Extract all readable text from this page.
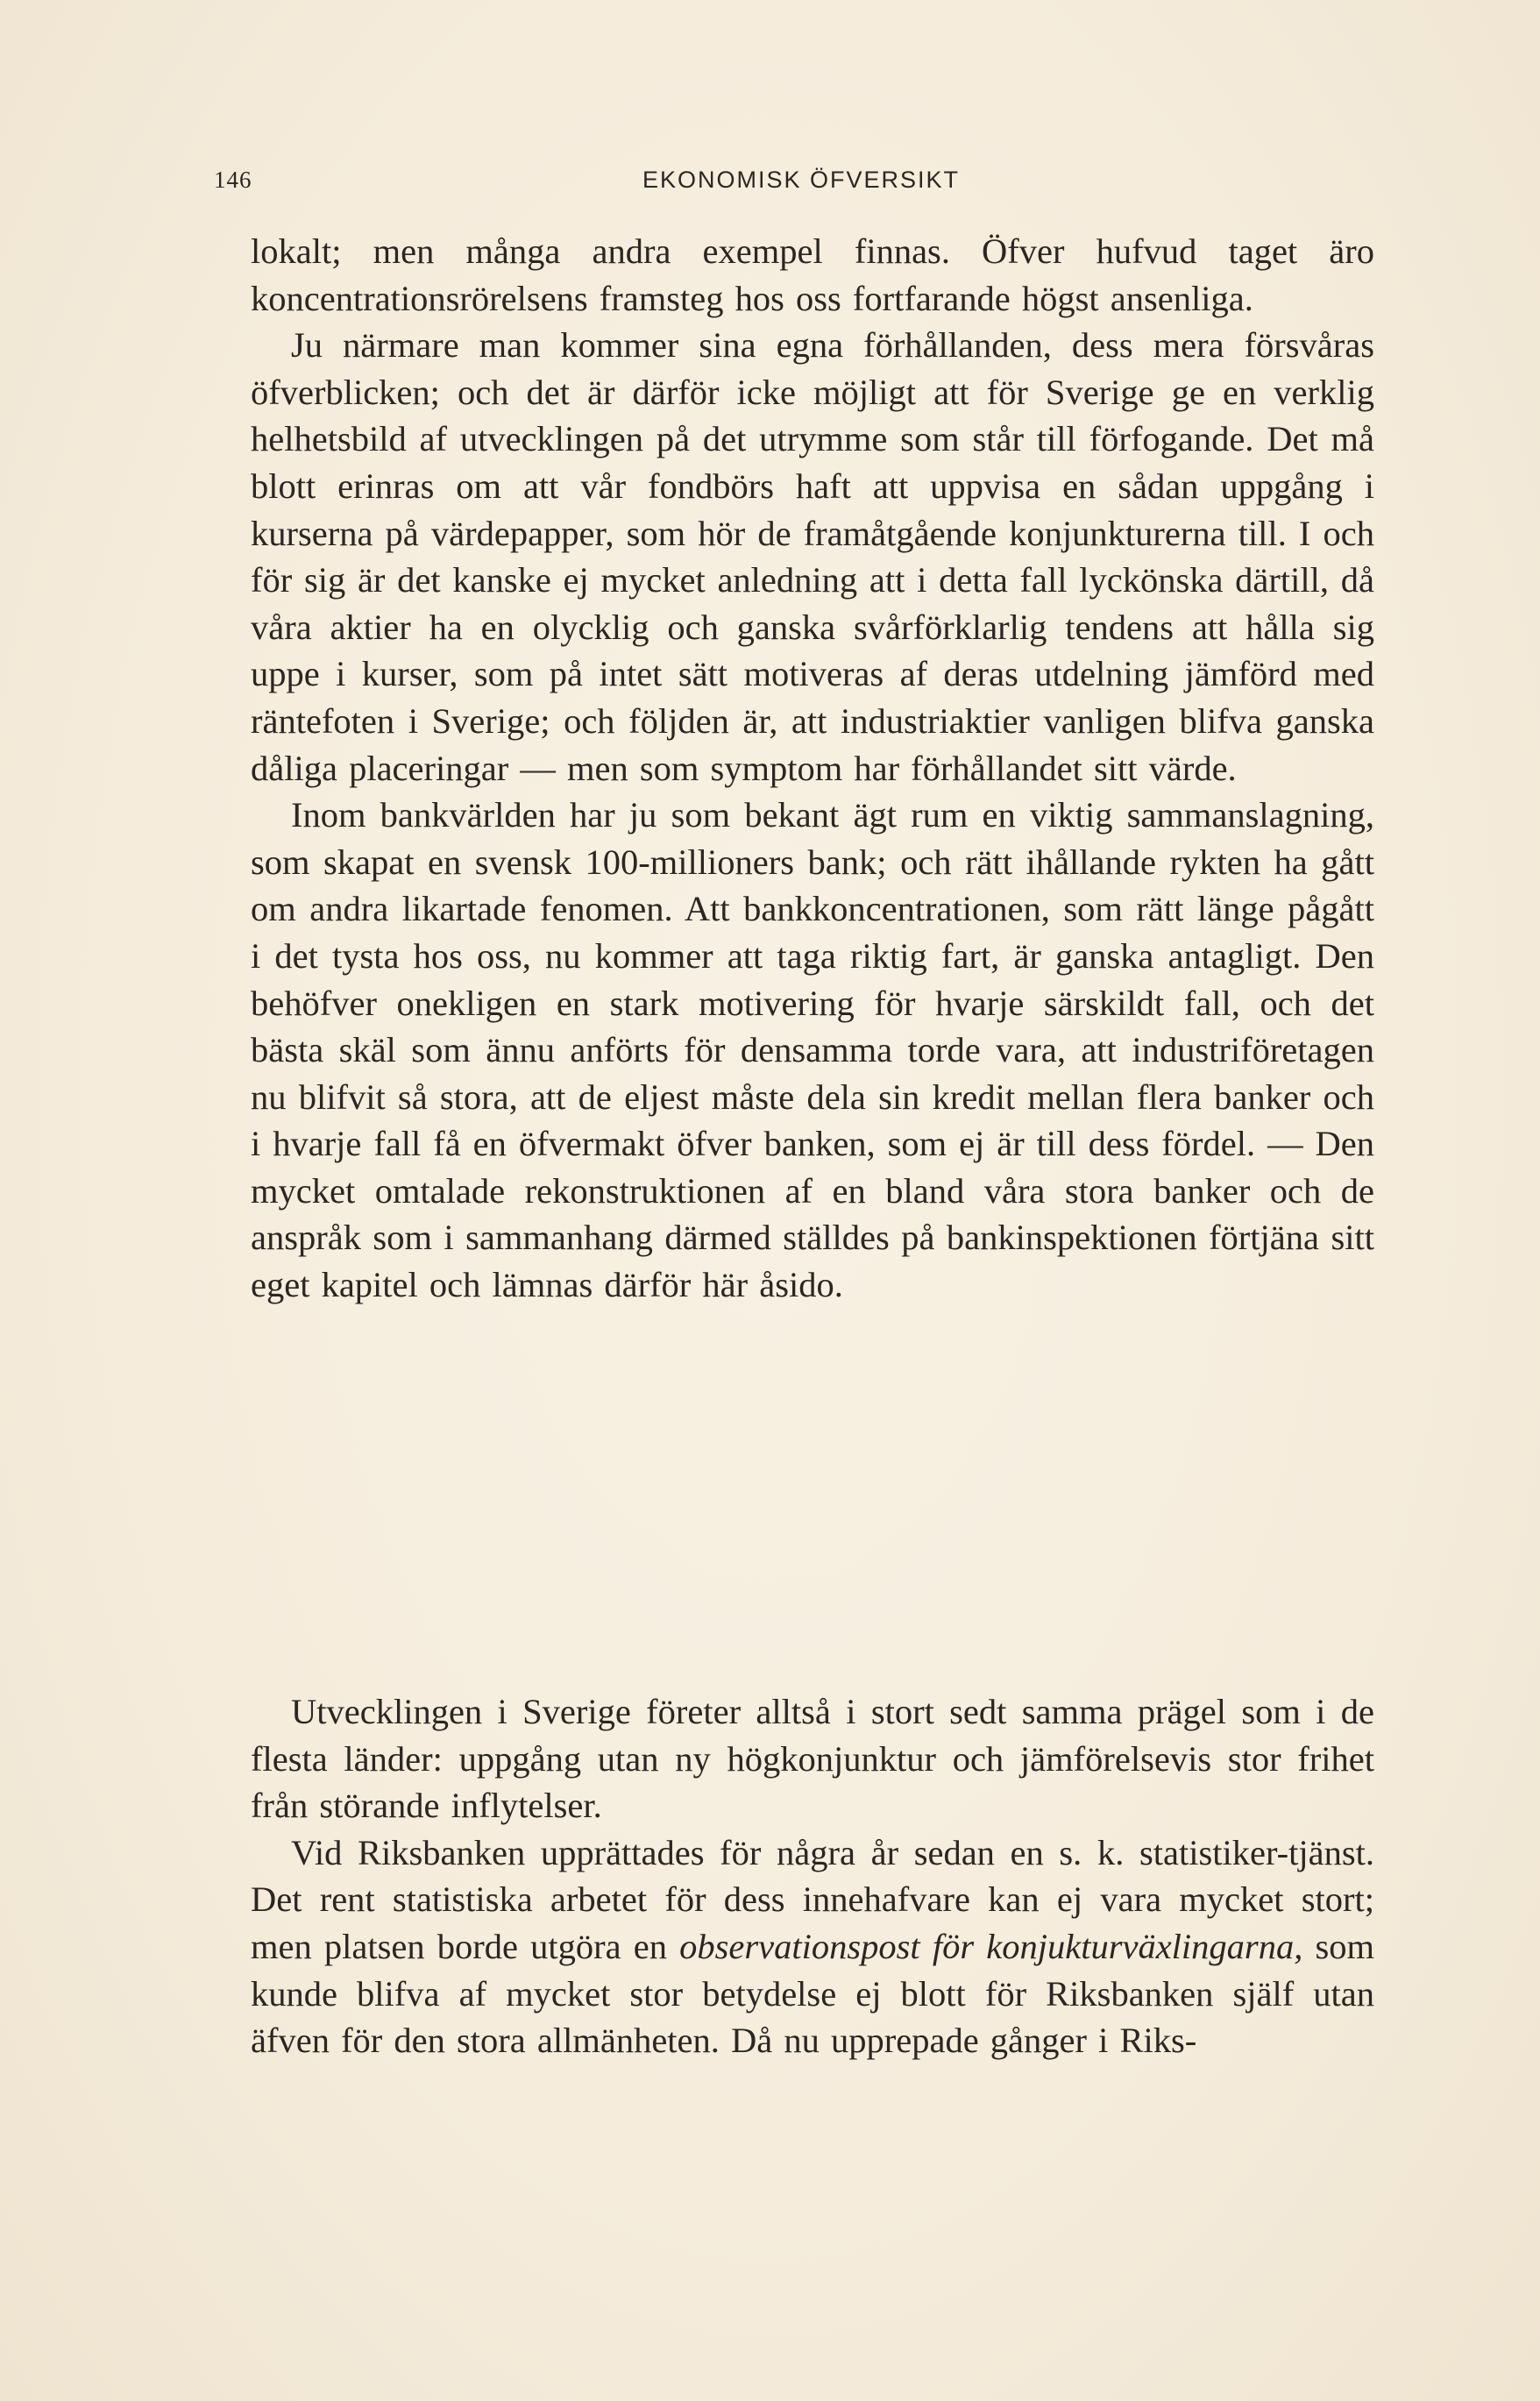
146	EKONOMISK ÖFVERSIKT

lokalt; men många andra exempel finnas. Öfver hufvud taget äro koncentrationsrörelsens framsteg hos oss fortfarande högst ansenliga.

Ju närmare man kommer sina egna förhållanden, dess mera försvåras öfverblicken; och det är därför icke möjligt att för Sverige ge en verklig helhetsbild af utvecklingen på det utrymme som står till förfogande. Det må blott erinras om att vår fondbörs haft att uppvisa en sådan uppgång i kurserna på värdepapper, som hör de framåtgående konjunkturerna till. I och för sig är det kanske ej mycket anledning att i detta fall lyckönska därtill, då våra aktier ha en olycklig och ganska svårförklarlig tendens att hålla sig uppe i kurser, som på intet sätt motiveras af deras utdelning jämförd med räntefoten i Sverige; och följden är, att industriaktier vanligen blifva ganska dåliga placeringar — men som symptom har förhållandet sitt värde.

Inom bankvärlden har ju som bekant ägt rum en viktig sammanslagning, som skapat en svensk 100-millioners bank; och rätt ihållande rykten ha gått om andra likartade fenomen. Att bankkoncentrationen, som rätt länge pågått i det tysta hos oss, nu kommer att taga riktig fart, är ganska antagligt. Den behöfver onekligen en stark motivering för hvarje särskildt fall, och det bästa skäl som ännu anförts för densamma torde vara, att industriföretagen nu blifvit så stora, att de eljest måste dela sin kredit mellan flera banker och i hvarje fall få en öfvermakt öfver banken, som ej är till dess fördel. — Den mycket omtalade rekonstruktionen af en bland våra stora banker och de anspråk som i sammanhang därmed ställdes på bankinspektionen förtjäna sitt eget kapitel och lämnas därför här åsido.

Utvecklingen i Sverige företer alltså i stort sedt samma prägel som i de flesta länder: uppgång utan ny högkonjunktur och jämförelsevis stor frihet från störande inflytelser.

Vid Riksbanken upprättades för några år sedan en s. k. statistiker-tjänst. Det rent statistiska arbetet för dess innehafvare kan ej vara mycket stort; men platsen borde utgöra en observationspost för konjukturväxlingarna, som kunde blifva af mycket stor betydelse ej blott för Riksbanken själf utan äfven för den stora allmänheten. Då nu upprepade gånger i Riks-
